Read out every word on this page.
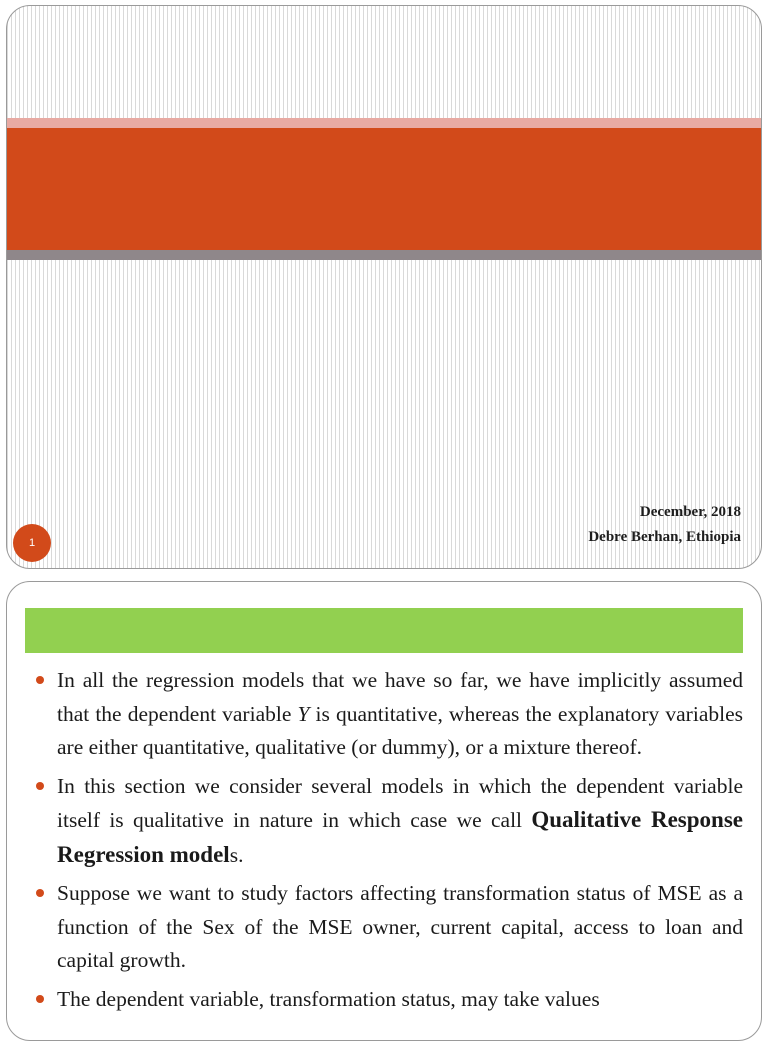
December, 2018
Debre Berhan, Ethiopia
1
In all the regression models that we have so far, we have implicitly assumed that the dependent variable Y is quantitative, whereas the explanatory variables are either quantitative, qualitative (or dummy), or a mixture thereof.
In this section we consider several models in which the dependent variable itself is qualitative in nature in which case we call Qualitative Response Regression models.
Suppose we want to study factors affecting transformation status of MSE as a function of the Sex of the MSE owner, current capital, access to loan and capital growth.
The dependent variable, transformation status, may take values
